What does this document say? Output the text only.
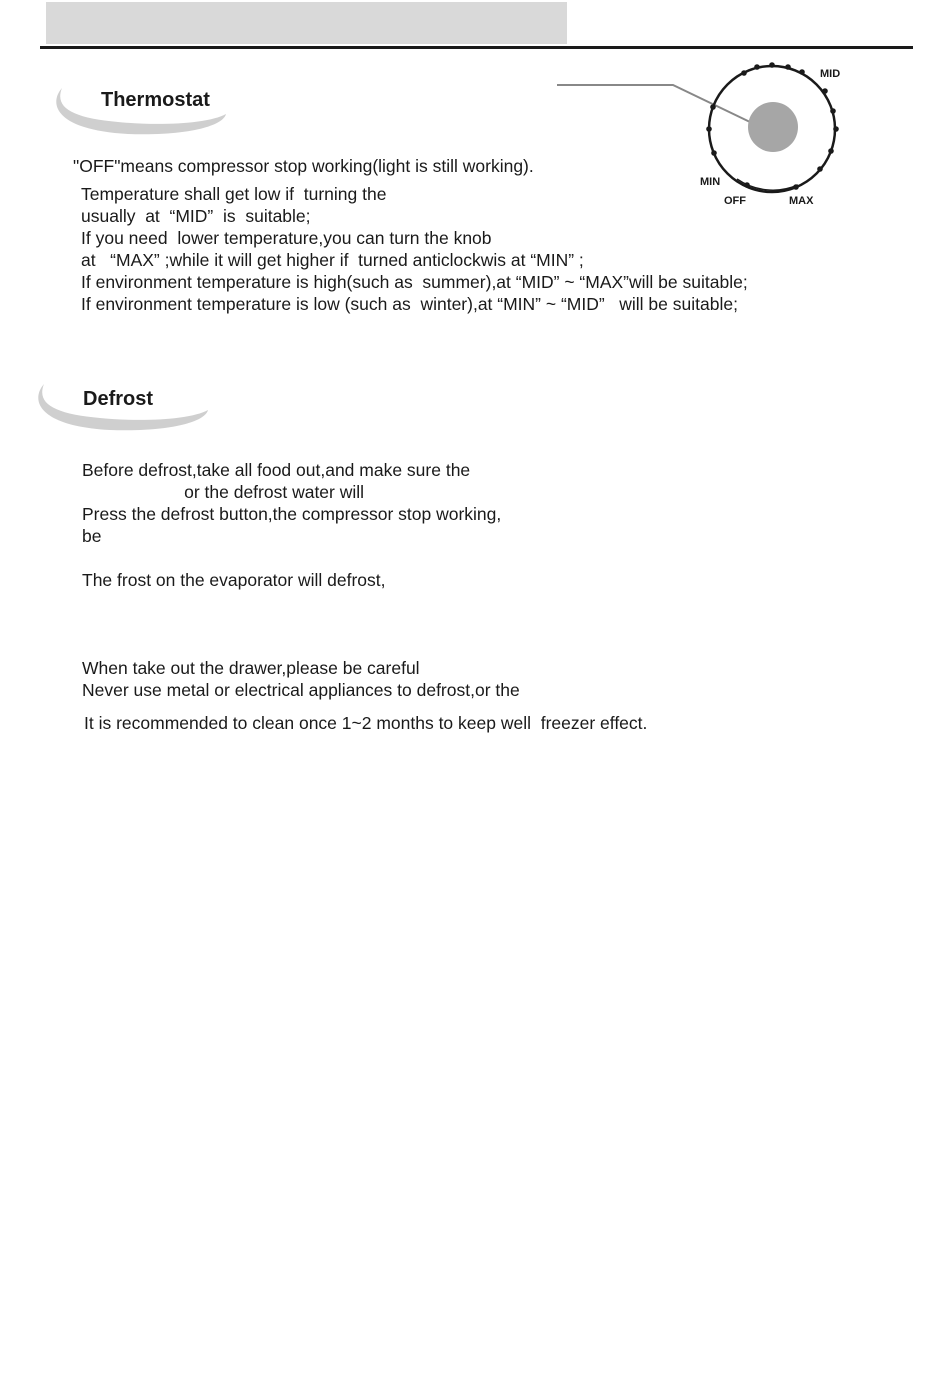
Thermostat
"OFF"means compressor stop working(light is still working).
Temperature shall get low if  turning the
usually  at  “MID”  is  suitable;
If you need  lower temperature,you can turn the knob
at   “MAX” ;while it will get higher if  turned anticlockwis at “MIN” ;
If environment temperature is high(such as  summer),at “MID” ~ “MAX”will be suitable;
If environment temperature is low (such as  winter),at “MIN” ~ “MID”   will be suitable;
MID
MIN
OFF	MAX
Defrost
Before defrost,take all food out,and make sure the
or the defrost water will
Press the defrost button,the compressor stop working,
be
The frost on the evaporator will defrost,
When take out the drawer,please be careful
Never use metal or electrical appliances to defrost,or the
It is recommended to clean once 1~2 months to keep well  freezer effect.
